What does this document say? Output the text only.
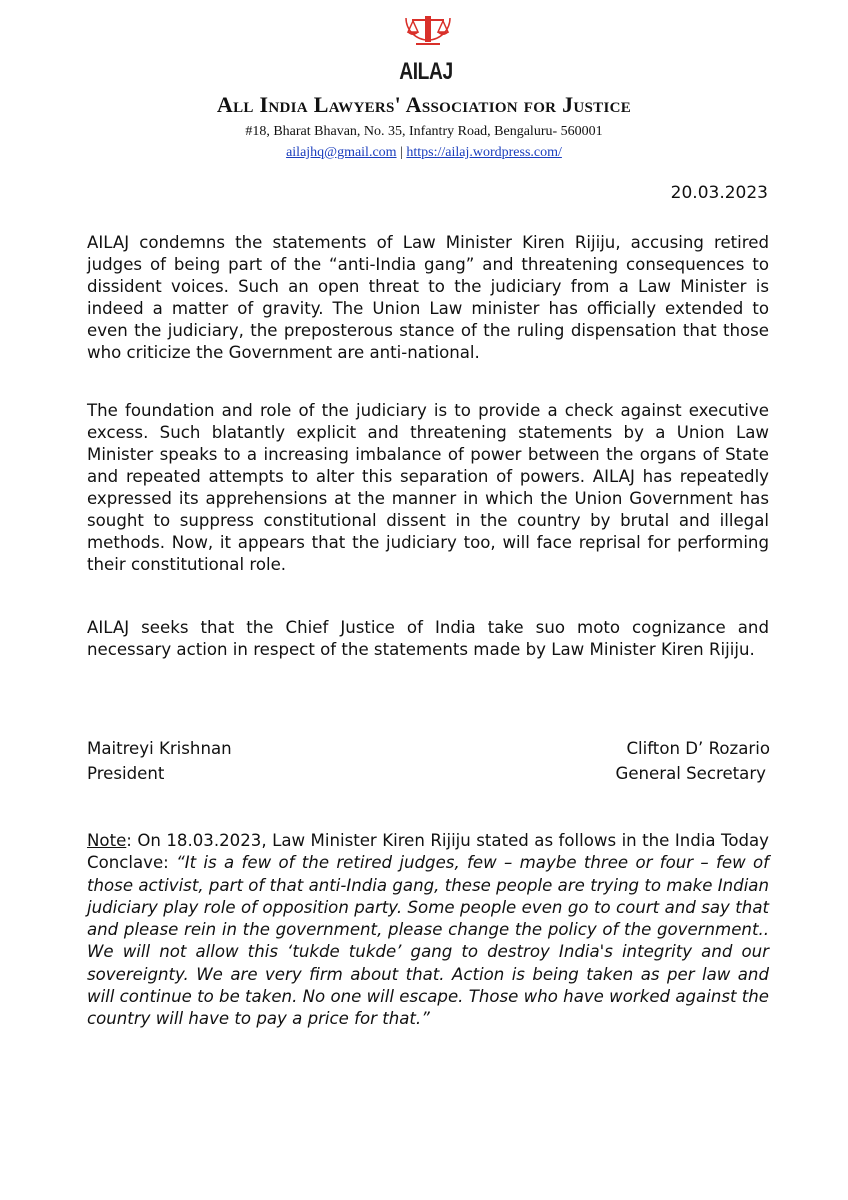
AILAJ
All India Lawyers' Association for Justice
#18, Bharat Bhavan, No. 35, Infantry Road, Bengaluru- 560001
ailajhq@gmail.com | https://ailaj.wordpress.com/
20.03.2023

AILAJ condemns the statements of Law Minister Kiren Rijiju, accusing retired judges of being part of the “anti-India gang” and threatening consequences to dissident voices. Such an open threat to the judiciary from a Law Minister is indeed a matter of gravity. The Union Law minister has officially extended to even the judiciary, the preposterous stance of the ruling dispensation that those who criticize the Government are anti-national.

The foundation and role of the judiciary is to provide a check against executive excess. Such blatantly explicit and threatening statements by a Union Law Minister speaks to a increasing imbalance of power between the organs of State and repeated attempts to alter this separation of powers. AILAJ has repeatedly expressed its apprehensions at the manner in which the Union Government has sought to suppress constitutional dissent in the country by brutal and illegal methods. Now, it appears that the judiciary too, will face reprisal for performing their constitutional role.

AILAJ seeks that the Chief Justice of India take suo moto cognizance and necessary action in respect of the statements made by Law Minister Kiren Rijiju.

Maitreyi Krishnan
President
Clifton D’ Rozario
General Secretary

Note: On 18.03.2023, Law Minister Kiren Rijiju stated as follows in the India Today Conclave: “It is a few of the retired judges, few – maybe three or four – few of those activist, part of that anti-India gang, these people are trying to make Indian judiciary play role of opposition party. Some people even go to court and say that and please rein in the government, please change the policy of the government.. We will not allow this ‘tukde tukde’ gang to destroy India's integrity and our sovereignty. We are very firm about that. Action is being taken as per law and will continue to be taken. No one will escape. Those who have worked against the country will have to pay a price for that.”
